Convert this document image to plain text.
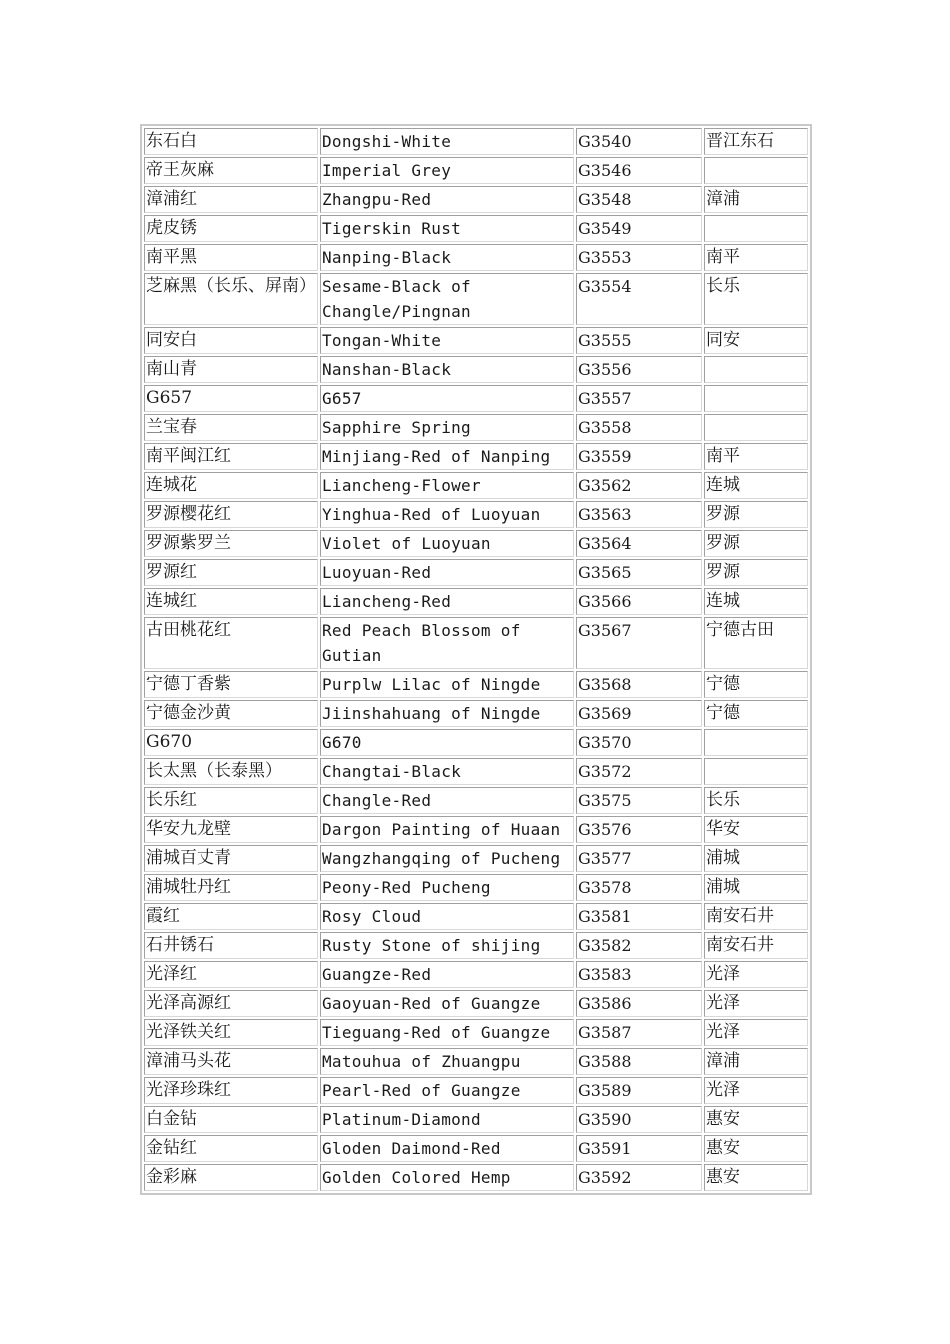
东石白	Dongshi-White	G3540	晋江东石
帝王灰麻	Imperial Grey	G3546	
漳浦红	Zhangpu-Red	G3548	漳浦
虎皮锈	Tigerskin Rust	G3549	
南平黑	Nanping-Black	G3553	南平
芝麻黑（长乐、屏南）	Sesame-Black of Changle/Pingnan	G3554	长乐
同安白	Tongan-White	G3555	同安
南山青	Nanshan-Black	G3556	
G657	G657	G3557	
兰宝春	Sapphire Spring	G3558	
南平闽江红	Minjiang-Red of Nanping	G3559	南平
连城花	Liancheng-Flower	G3562	连城
罗源樱花红	Yinghua-Red of Luoyuan	G3563	罗源
罗源紫罗兰	Violet of Luoyuan	G3564	罗源
罗源红	Luoyuan-Red	G3565	罗源
连城红	Liancheng-Red	G3566	连城
古田桃花红	Red Peach Blossom of Gutian	G3567	宁德古田
宁德丁香紫	Purplw Lilac of Ningde	G3568	宁德
宁德金沙黄	Jiinshahuang of Ningde	G3569	宁德
G670	G670	G3570	
长太黑（长泰黑）	Changtai-Black	G3572	
长乐红	Changle-Red	G3575	长乐
华安九龙壁	Dargon Painting of Huaan	G3576	华安
浦城百丈青	Wangzhangqing of Pucheng	G3577	浦城
浦城牡丹红	Peony-Red Pucheng	G3578	浦城
霞红	Rosy Cloud	G3581	南安石井
石井锈石	Rusty Stone of shijing	G3582	南安石井
光泽红	Guangze-Red	G3583	光泽
光泽高源红	Gaoyuan-Red of Guangze	G3586	光泽
光泽铁关红	Tieguang-Red of Guangze	G3587	光泽
漳浦马头花	Matouhua of Zhuangpu	G3588	漳浦
光泽珍珠红	Pearl-Red of Guangze	G3589	光泽
白金钻	Platinum-Diamond	G3590	惠安
金钻红	Gloden Daimond-Red	G3591	惠安
金彩麻	Golden Colored Hemp	G3592	惠安
